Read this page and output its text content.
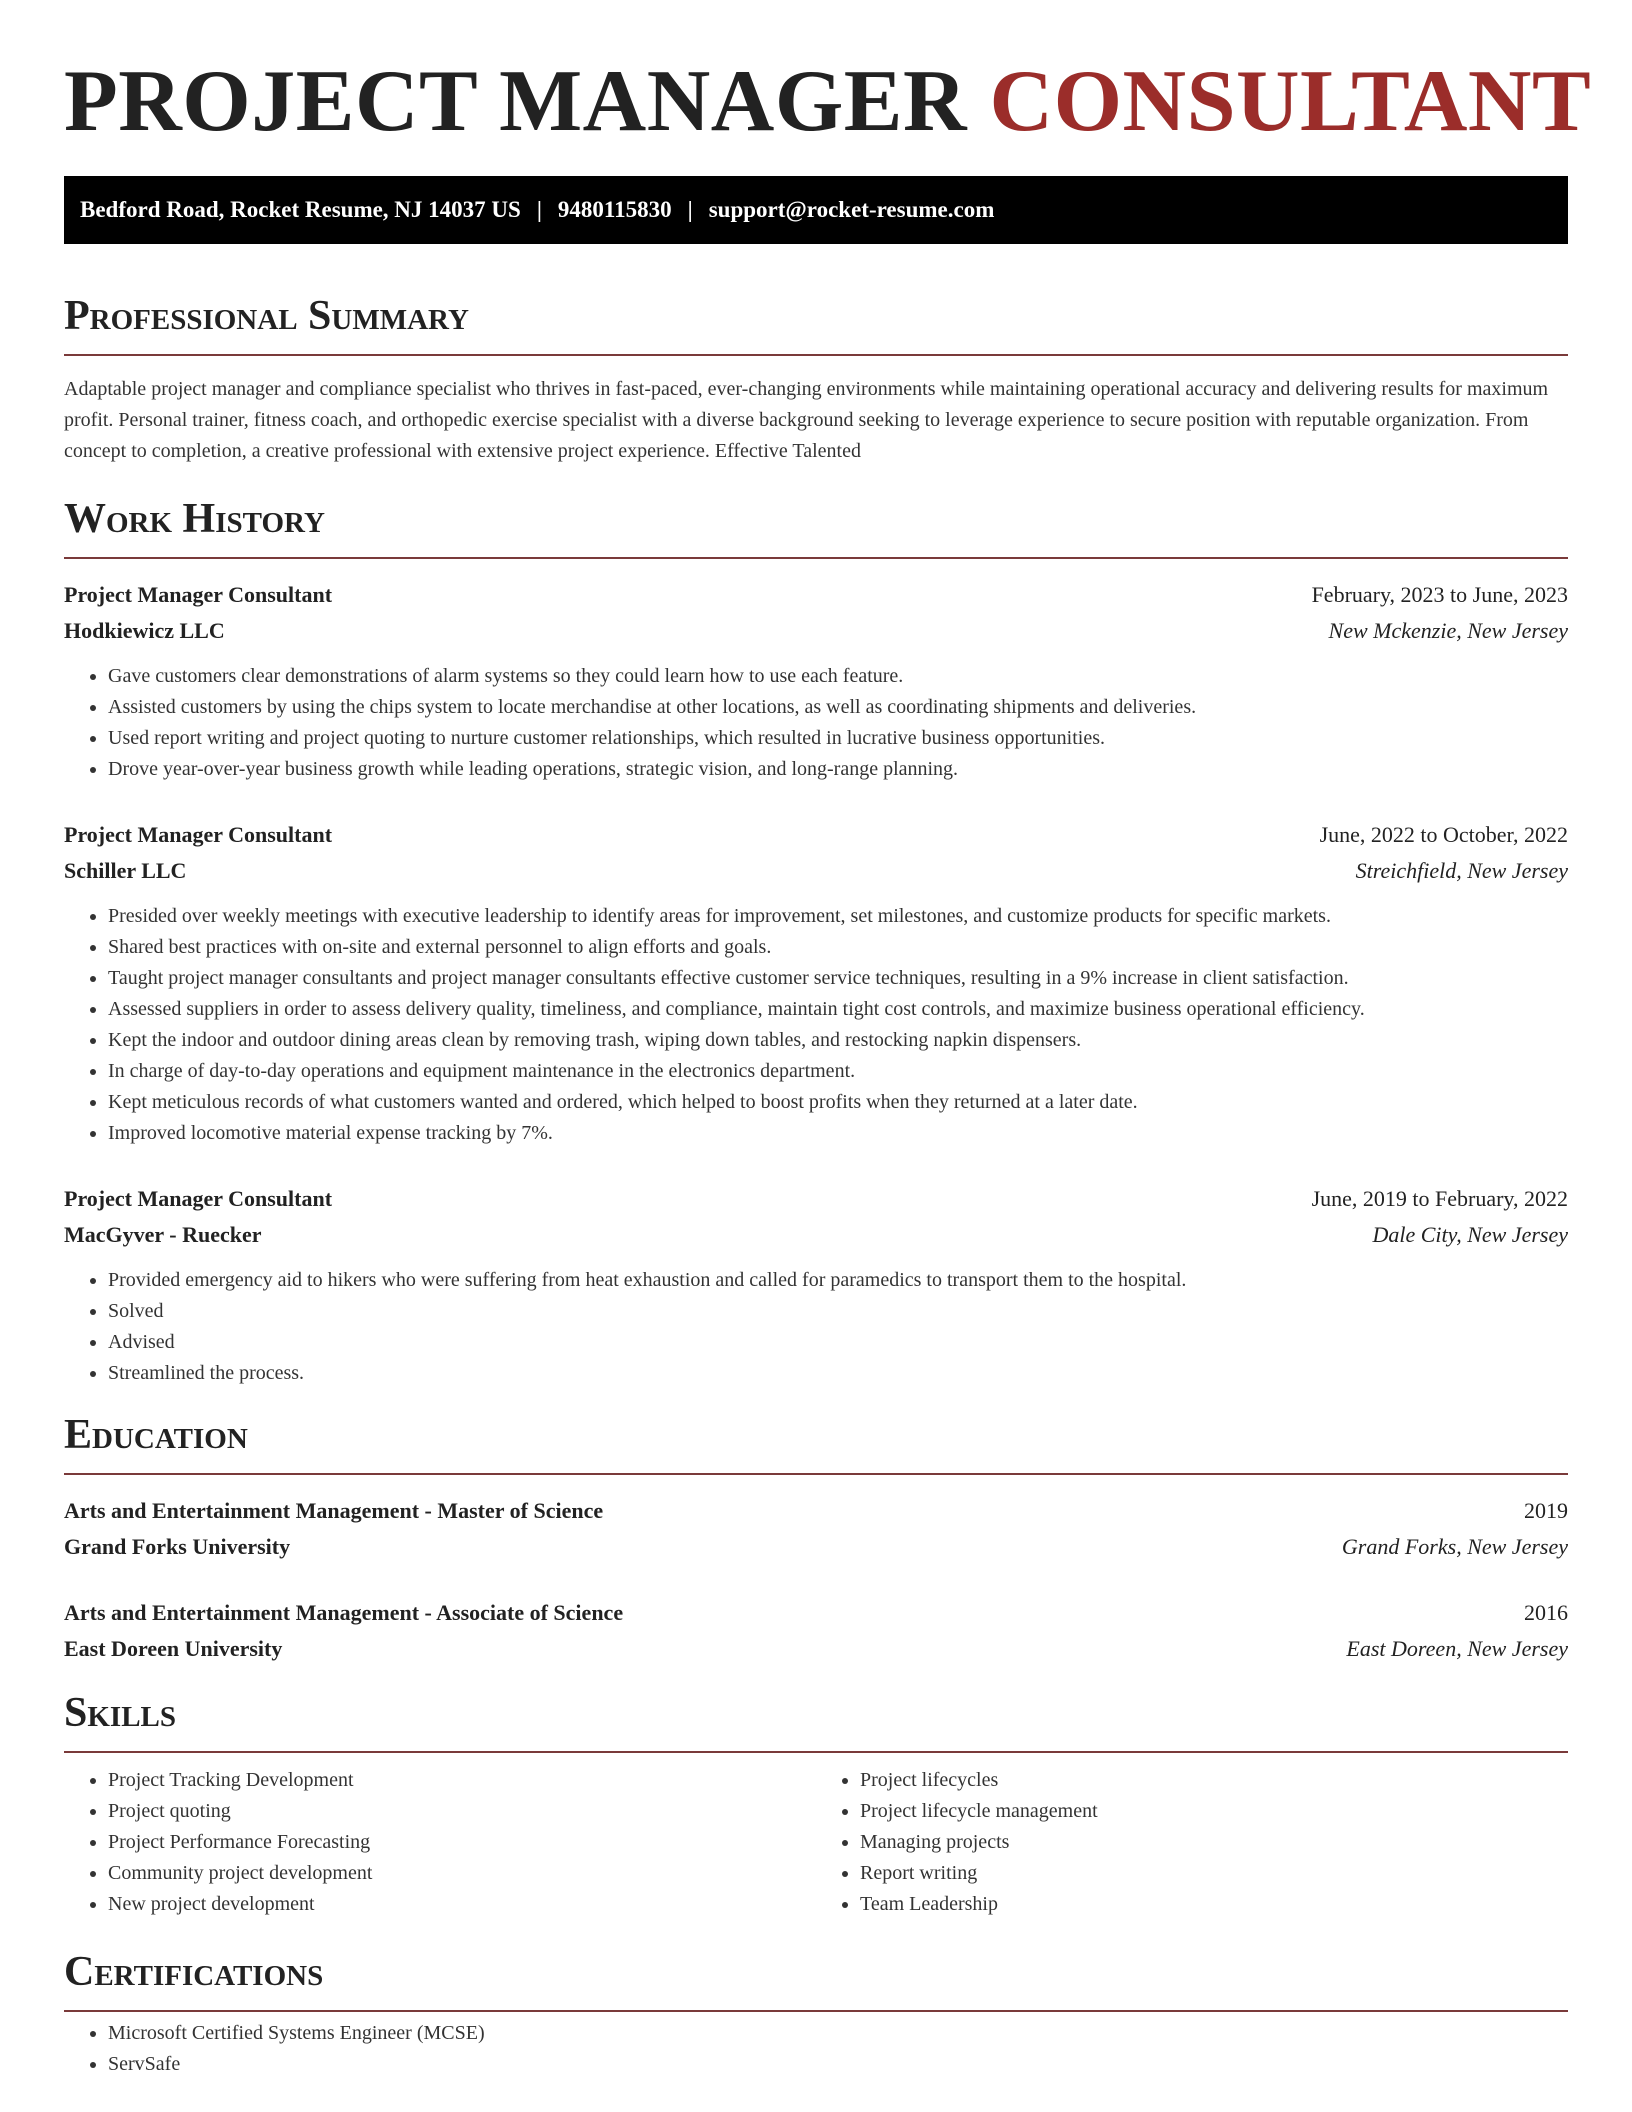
PROJECT MANAGER CONSULTANT
Bedford Road, Rocket Resume, NJ 14037 US | 9480115830 | support@rocket-resume.com
Professional Summary

Adaptable project manager and compliance specialist who thrives in fast-paced, ever-changing environments while maintaining operational accuracy and delivering results for maximum profit. Personal trainer, fitness coach, and orthopedic exercise specialist with a diverse background seeking to leverage experience to secure position with reputable organization. From concept to completion, a creative professional with extensive project experience. Effective Talented

Work History
Project Manager Consultant	February, 2023 to June, 2023
Hodkiewicz LLC	New Mckenzie, New Jersey
• Gave customers clear demonstrations of alarm systems so they could learn how to use each feature.
• Assisted customers by using the chips system to locate merchandise at other locations, as well as coordinating shipments and deliveries.
• Used report writing and project quoting to nurture customer relationships, which resulted in lucrative business opportunities.
• Drove year-over-year business growth while leading operations, strategic vision, and long-range planning.
Project Manager Consultant	June, 2022 to October, 2022
Schiller LLC	Streichfield, New Jersey
• Presided over weekly meetings with executive leadership to identify areas for improvement, set milestones, and customize products for specific markets.
• Shared best practices with on-site and external personnel to align efforts and goals.
• Taught project manager consultants and project manager consultants effective customer service techniques, resulting in a 9% increase in client satisfaction.
• Assessed suppliers in order to assess delivery quality, timeliness, and compliance, maintain tight cost controls, and maximize business operational efficiency.
• Kept the indoor and outdoor dining areas clean by removing trash, wiping down tables, and restocking napkin dispensers.
• In charge of day-to-day operations and equipment maintenance in the electronics department.
• Kept meticulous records of what customers wanted and ordered, which helped to boost profits when they returned at a later date.
• Improved locomotive material expense tracking by 7%.
Project Manager Consultant	June, 2019 to February, 2022
MacGyver - Ruecker	Dale City, New Jersey
• Provided emergency aid to hikers who were suffering from heat exhaustion and called for paramedics to transport them to the hospital.
• Solved
• Advised
• Streamlined the process.
Education
Arts and Entertainment Management - Master of Science	2019
Grand Forks University	Grand Forks, New Jersey
Arts and Entertainment Management - Associate of Science	2016
East Doreen University	East Doreen, New Jersey
Skills
• Project Tracking Development
• Project quoting
• Project Performance Forecasting
• Community project development
• New project development
• Project lifecycles
• Project lifecycle management
• Managing projects
• Report writing
• Team Leadership
Certifications
• Microsoft Certified Systems Engineer (MCSE)
• ServSafe
